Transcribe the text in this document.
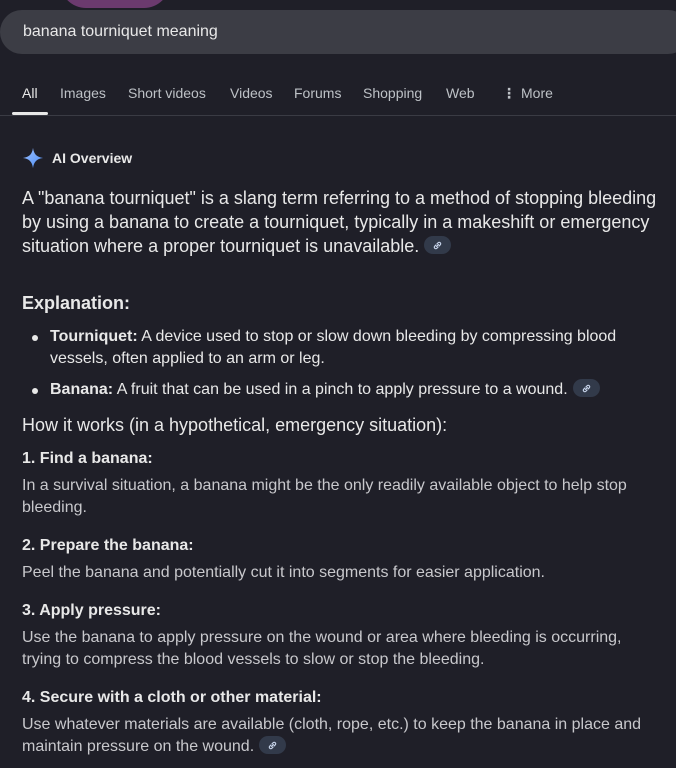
banana tourniquet meaning
All Images Short videos Videos Forums Shopping Web ⋮ More
AI Overview

A "banana tourniquet" is a slang term referring to a method of stopping bleeding by using a banana to create a tourniquet, typically in a makeshift or emergency situation where a proper tourniquet is unavailable.

Explanation:
Tourniquet: A device used to stop or slow down bleeding by compressing blood vessels, often applied to an arm or leg.
Banana: A fruit that can be used in a pinch to apply pressure to a wound.
How it works (in a hypothetical, emergency situation):
1. Find a banana:
In a survival situation, a banana might be the only readily available object to help stop bleeding.
2. Prepare the banana:
Peel the banana and potentially cut it into segments for easier application.
3. Apply pressure:
Use the banana to apply pressure on the wound or area where bleeding is occurring, trying to compress the blood vessels to slow or stop the bleeding.
4. Secure with a cloth or other material:
Use whatever materials are available (cloth, rope, etc.) to keep the banana in place and maintain pressure on the wound.
